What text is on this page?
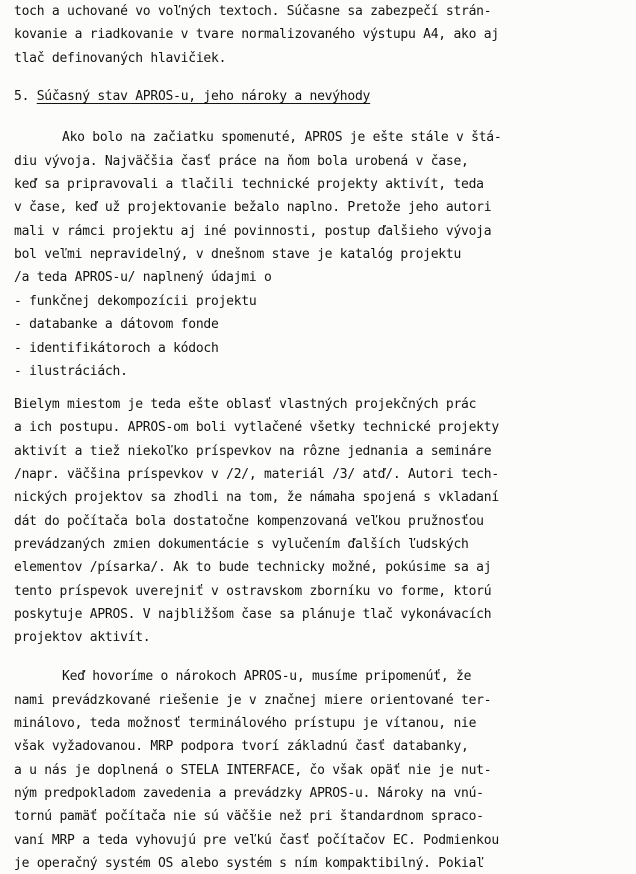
toch a uchované vo voľných textoch. Súčasne sa zabezpečí strán-
kovanie a riadkovanie v tvare normalizovaného výstupu A4, ako aj
tlač definovaných hlavičiek.
5. Súčasný stav APROS-u, jeho nároky a nevýhody
Ako bolo na začiatku spomenuté, APROS je ešte stále v štá-
diu vývoja. Najväčšia časť práce na ňom bola urobená v čase,
keď sa pripravovali a tlačili technické projekty aktivít, teda
v čase, keď už projektovanie bežalo naplno. Pretože jeho autori
mali v rámci projektu aj iné povinnosti, postup ďalšieho vývoja
bol veľmi nepravidelný, v dnešnom stave je katalóg projektu
/a teda APROS-u/ naplnený údajmi o
- funkčnej dekompozícii projektu
- databanke a dátovom fonde
- identifikátoroch a kódoch
- ilustráciách.
Bielym miestom je teda ešte oblasť vlastných projekčných prác
a ich postupu. APROS-om boli vytlačené všetky technické projekty
aktivít a tiež niekoľko príspevkov na rôzne jednania a semináre
/napr. väčšina príspevkov v /2/, materiál /3/ atď/. Autori tech-
nických projektov sa zhodli na tom, že námaha spojená s vkladaní
dát do počítača bola dostatočne kompenzovaná veľkou pružnosťou
prevádzaných zmien dokumentácie s vylučením ďalších ľudských
elementov /písarka/. Ak to bude technicky možné, pokúsime sa aj
tento príspevok uverejniť v ostravskom zborníku vo forme, ktorú
poskytuje APROS. V najbližšom čase sa plánuje tlač vykonávacích
projektov aktivít.
Keď hovoríme o nárokoch APROS-u, musíme pripomenúť, že
nami prevádzkované riešenie je v značnej miere orientované ter-
minálovo, teda možnosť terminálového prístupu je vítanou, nie
však vyžadovanou. MRP podpora tvorí základnú časť databanky,
a u nás je doplnená o STELA INTERFACE, čo však opäť nie je nut-
ným predpokladom zavedenia a prevádzky APROS-u. Nároky na vnú-
tornú pamäť počítača nie sú väčšie než pri štandardnom spraco-
vaní MRP a teda vyhovujú pre veľkú časť počítačov EC. Podmienkou
je operačný systém OS alebo systém s ním kompaktibilný. Pokiaľ
